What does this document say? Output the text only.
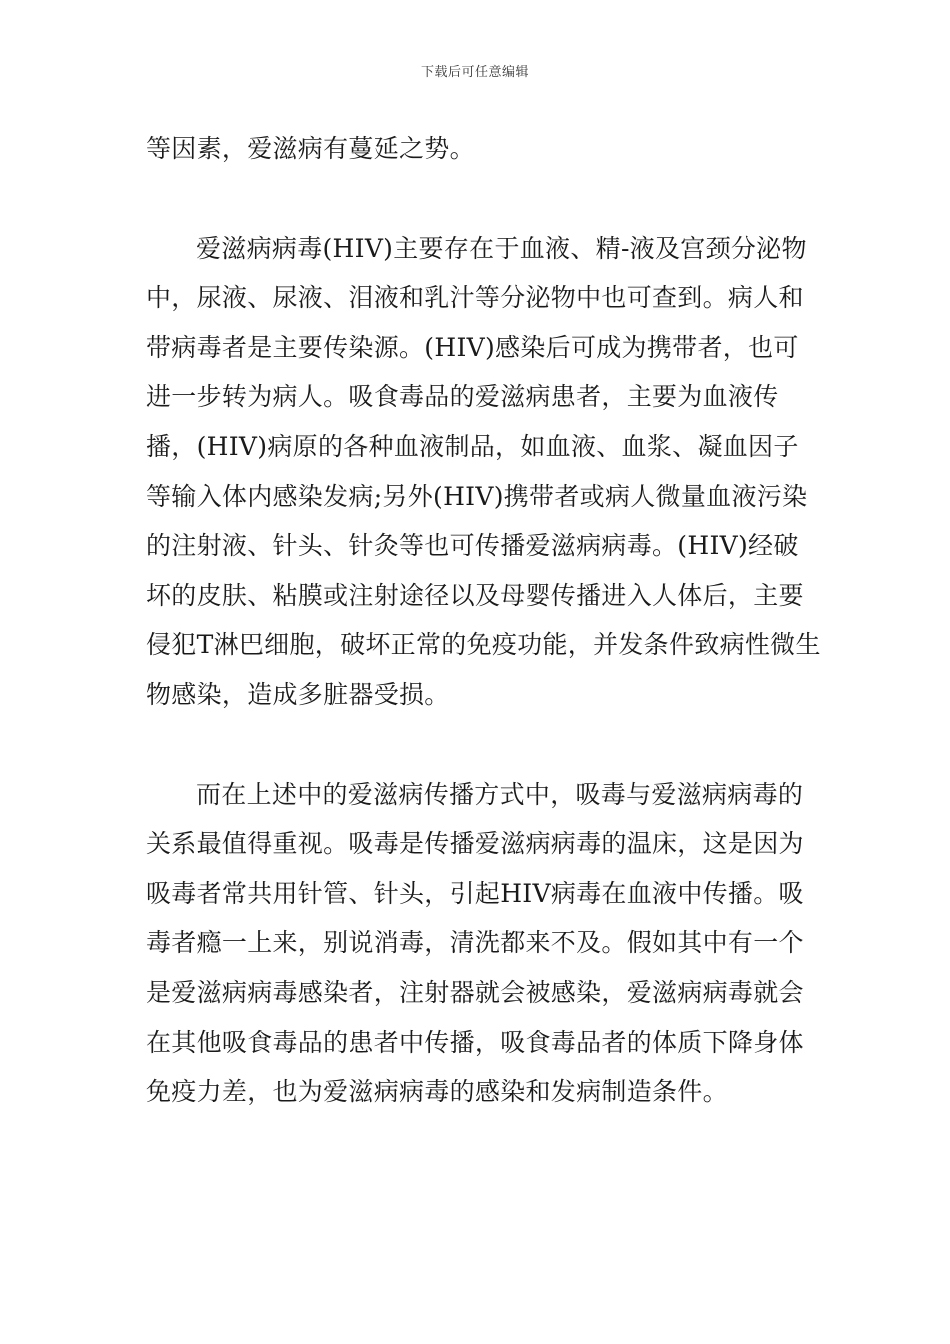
下载后可任意编辑

等因素，爱滋病有蔓延之势。

爱滋病病毒(HIV)主要存在于血液、精-液及宫颈分泌物中，尿液、尿液、泪液和乳汁等分泌物中也可查到。病人和带病毒者是主要传染源。(HIV)感染后可成为携带者，也可进一步转为病人。吸食毒品的爱滋病患者，主要为血液传播，(HIV)病原的各种血液制品，如血液、血浆、凝血因子等输入体内感染发病;另外(HIV)携带者或病人微量血液污染的注射液、针头、针灸等也可传播爱滋病病毒。(HIV)经破坏的皮肤、粘膜或注射途径以及母婴传播进入人体后，主要侵犯T淋巴细胞，破坏正常的免疫功能，并发条件致病性微生物感染，造成多脏器受损。

而在上述中的爱滋病传播方式中，吸毒与爱滋病病毒的关系最值得重视。吸毒是传播爱滋病病毒的温床，这是因为吸毒者常共用针管、针头，引起HIV病毒在血液中传播。吸毒者瘾一上来，别说消毒，清洗都来不及。假如其中有一个是爱滋病病毒感染者，注射器就会被感染，爱滋病病毒就会在其他吸食毒品的患者中传播，吸食毒品者的体质下降身体免疫力差，也为爱滋病病毒的感染和发病制造条件。
